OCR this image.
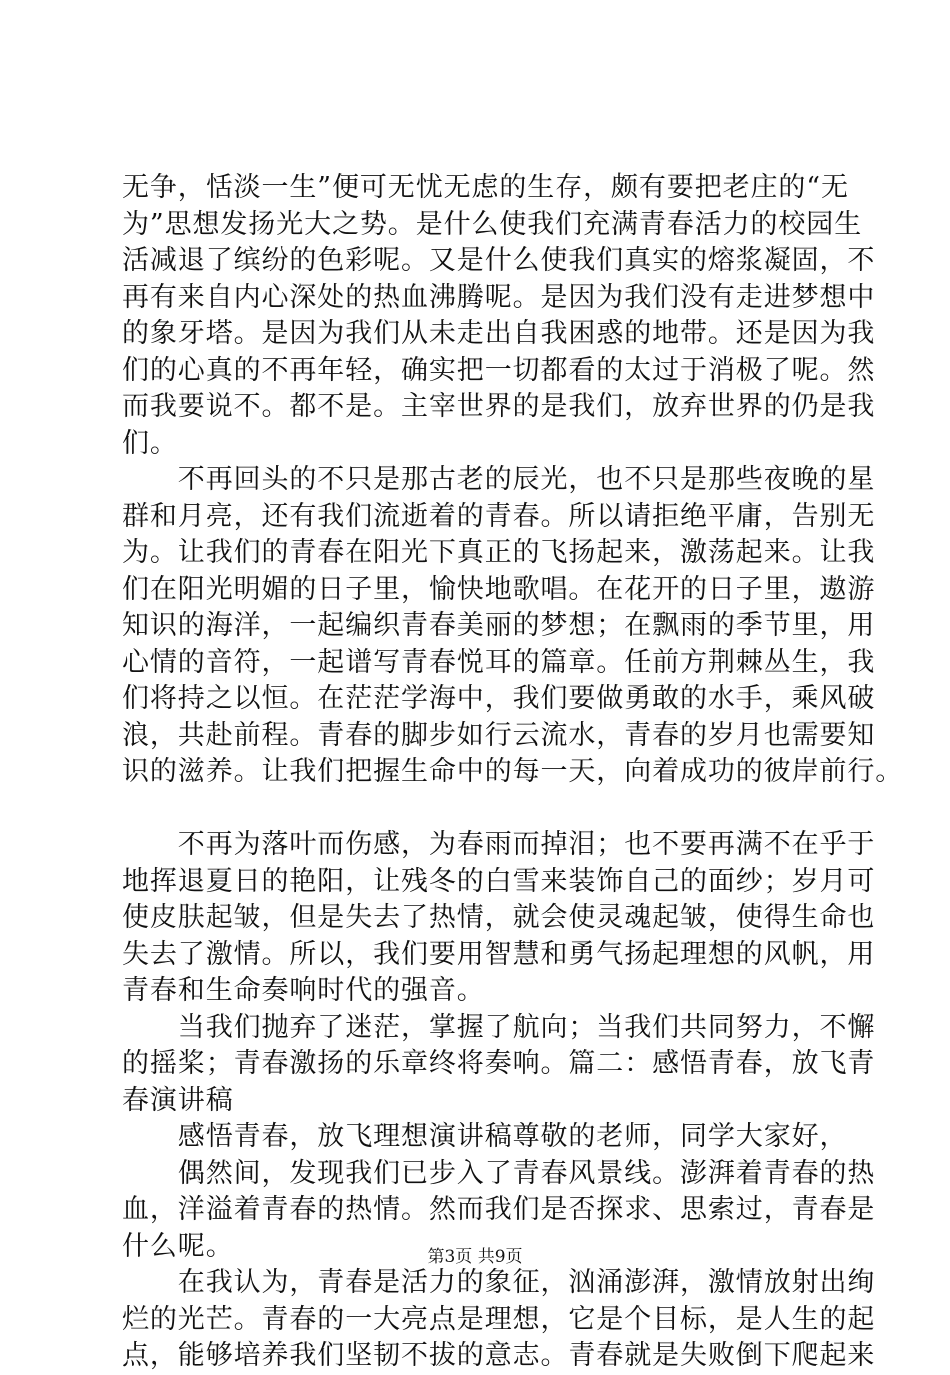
无争，恬淡一生”便可无忧无虑的生存，颇有要把老庄的“无
为”思想发扬光大之势。是什么使我们充满青春活力的校园生
活减退了缤纷的色彩呢。又是什么使我们真实的熔浆凝固，不
再有来自内心深处的热血沸腾呢。是因为我们没有走进梦想中
的象牙塔。是因为我们从未走出自我困惑的地带。还是因为我
们的心真的不再年轻，确实把一切都看的太过于消极了呢。然
而我要说不。都不是。主宰世界的是我们，放弃世界的仍是我
们。
　　不再回头的不只是那古老的辰光，也不只是那些夜晚的星
群和月亮，还有我们流逝着的青春。所以请拒绝平庸，告别无
为。让我们的青春在阳光下真正的飞扬起来，激荡起来。让我
们在阳光明媚的日子里，愉快地歌唱。在花开的日子里，遨游
知识的海洋，一起编织青春美丽的梦想；在飘雨的季节里，用
心情的音符，一起谱写青春悦耳的篇章。任前方荆棘丛生，我
们将持之以恒。在茫茫学海中，我们要做勇敢的水手，乘风破
浪，共赴前程。青春的脚步如行云流水，青春的岁月也需要知
识的滋养。让我们把握生命中的每一天，向着成功的彼岸前行。
　　不再为落叶而伤感，为春雨而掉泪；也不要再满不在乎于
地挥退夏日的艳阳，让残冬的白雪来装饰自己的面纱；岁月可
使皮肤起皱，但是失去了热情，就会使灵魂起皱，使得生命也
失去了激情。所以，我们要用智慧和勇气扬起理想的风帆，用
青春和生命奏响时代的强音。
　　当我们抛弃了迷茫，掌握了航向；当我们共同努力，不懈
的摇桨；青春激扬的乐章终将奏响。篇二：感悟青春，放飞青
春演讲稿
　　感悟青春，放飞理想演讲稿尊敬的老师，同学大家好，
　　偶然间，发现我们已步入了青春风景线。澎湃着青春的热
血，洋溢着青春的热情。然而我们是否探求、思索过，青春是
什么呢。
　　在我认为，青春是活力的象征，汹涌澎湃，激情放射出绚
烂的光芒。青春的一大亮点是理想，它是个目标，是人生的起
点，能够培养我们坚韧不拔的意志。青春就是失败倒下爬起来
第3页 共9页
